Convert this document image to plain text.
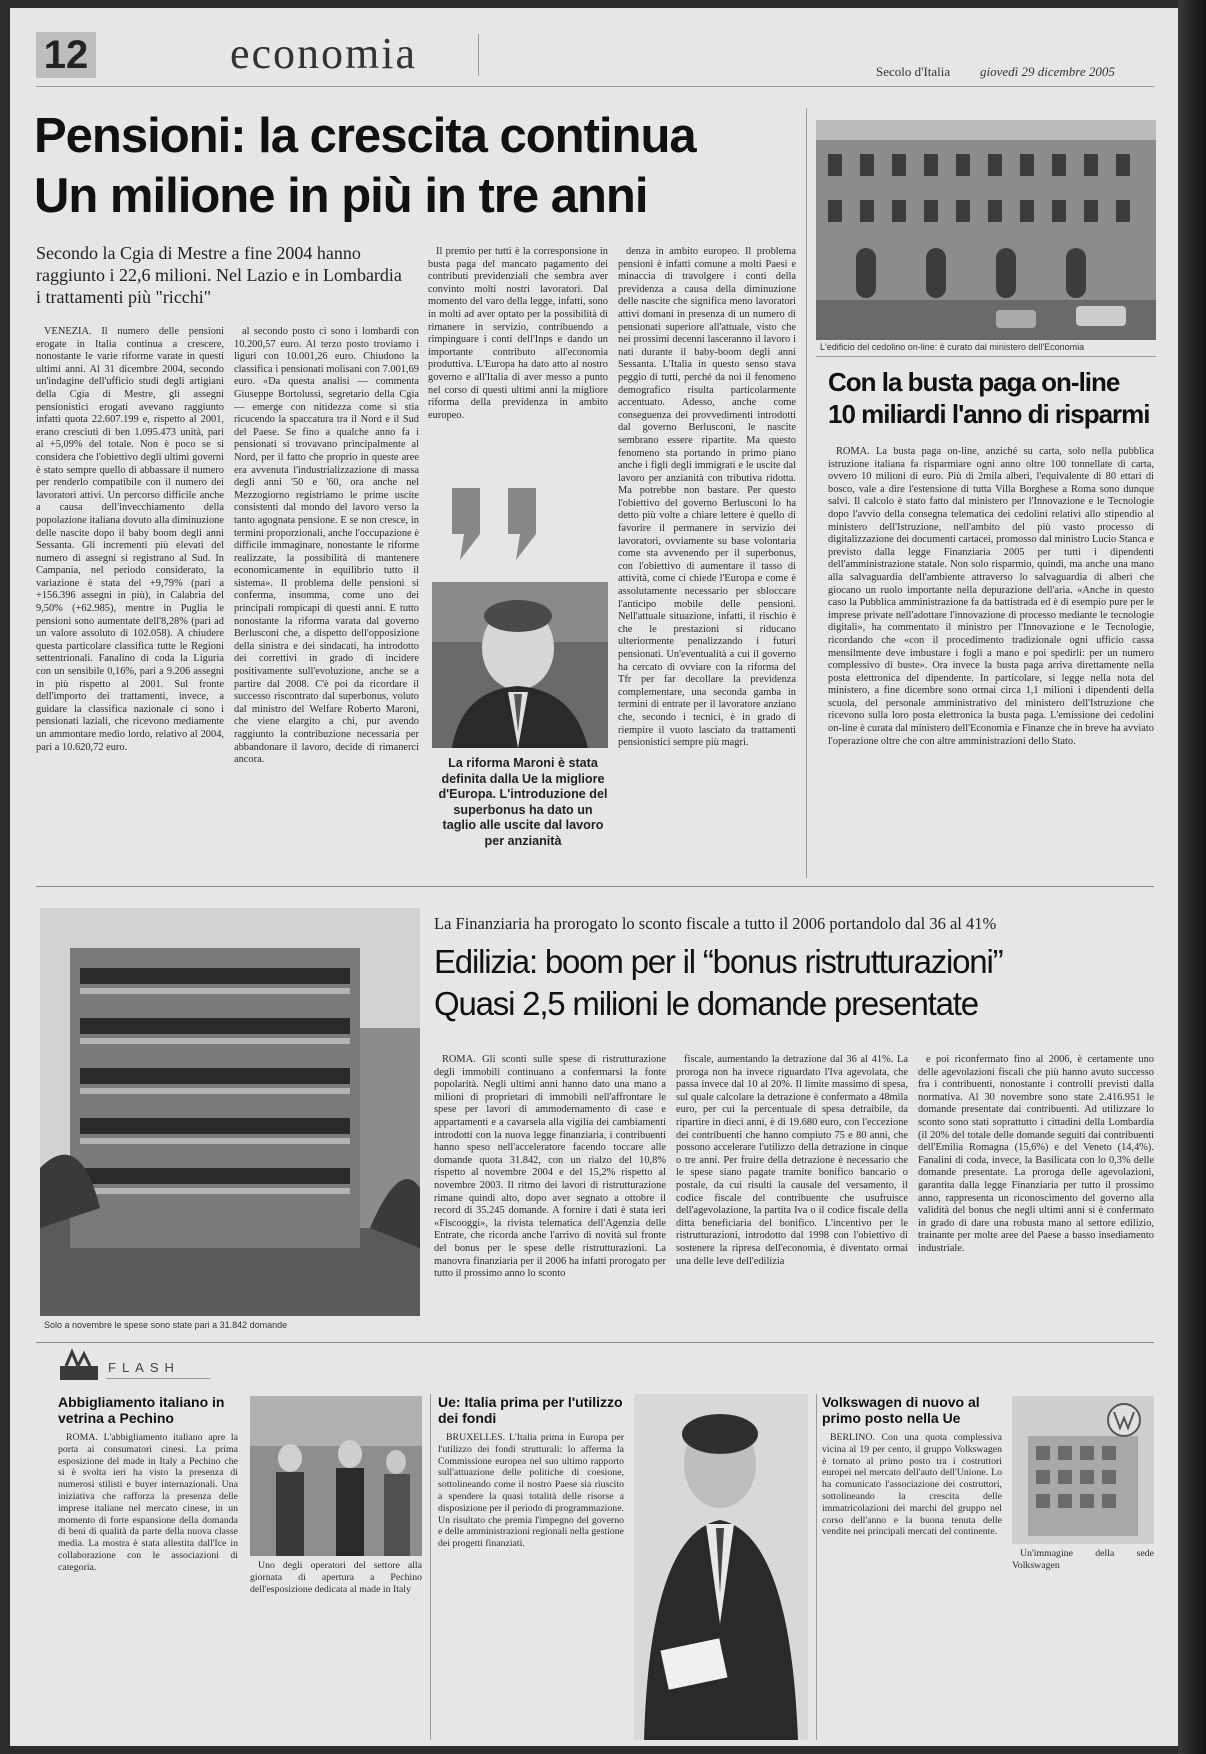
12	economia	Secolo d'Italia giovedì 29 dicembre 2005
Pensioni: la crescita continua
Un milione in più in tre anni
Secondo la Cgia di Mestre a fine 2004 hanno raggiunto i 22,6 milioni. Nel Lazio e in Lombardia i trattamenti più "ricchi"

VENEZIA. Il numero delle pensioni erogate in Italia continua a crescere, nonostante le varie riforme varate in questi ultimi anni. Al 31 dicembre 2004, secondo un'indagine dell'ufficio studi degli artigiani della Cgia di Mestre, gli assegni pensionistici erogati avevano raggiunto infatti quota 22.607.199 e, rispetto al 2001, erano cresciuti di ben 1.095.473 unità, pari al +5,09% del totale. Non è poco se si considera che l'obiettivo degli ultimi governi è stato sempre quello di abbassare il numero per renderlo compatibile con il numero dei lavoratori attivi. Un percorso difficile anche a causa dell'invecchiamento della popolazione italiana dovuto alla diminuzione delle nascite dopo il baby boom degli anni Sessanta. Gli incrementi più elevati del numero di assegni si registrano al Sud. In Campania, nel periodo considerato, la variazione è stata del +9,79% (pari a +156.396 assegni in più), in Calabria del 9,50% (+62.985), mentre in Puglia le pensioni sono aumentate dell'8,28% (pari ad un valore assoluto di 102.058). A chiudere questa particolare classifica tutte le Regioni settentrionali. Fanalino di coda la Liguria con un sensibile 0,16%, pari a 9.206 assegni in più rispetto al 2001. Sul fronte dell'importo dei trattamenti, invece, a guidare la classifica nazionale ci sono i pensionati laziali, che ricevono mediamente un ammontare medio lordo, relativo al 2004, pari a 10.620,72 euro.

al secondo posto ci sono i lombardi con 10.200,57 euro. Al terzo posto troviamo i liguri con 10.001,26 euro. Chiudono la classifica i pensionati molisani con 7.001,69 euro. «Da questa analisi — commenta Giuseppe Bortolussi, segretario della Cgia — emerge con nitidezza come si stia ricucendo la spaccatura tra il Nord e il Sud del Paese. Se fino a qualche anno fa i pensionati si trovavano principalmente al Nord, per il fatto che proprio in queste aree era avvenuta l'industrializzazione di massa degli anni '50 e '60, ora anche nel Mezzogiorno registriamo le prime uscite consistenti dal mondo del lavoro verso la tanto agognata pensione. E se non cresce, in termini proporzionali, anche l'occupazione è difficile immaginare, nonostante le riforme realizzate, la possibilità di mantenere economicamente in equilibrio tutto il sistema». Il problema delle pensioni si conferma, insomma, come uno dei principali rompicapi di questi anni. E tutto nonostante la riforma varata dal governo Berlusconi che, a dispetto dell'opposizione della sinistra e dei sindacati, ha introdotto dei correttivi in grado di incidere positivamente sull'evoluzione, anche se a partire dal 2008. C'è poi da ricordare il successo riscontrato dal superbonus, voluto dal ministro del Welfare Roberto Maroni, che viene elargito a chi, pur avendo raggiunto la contribuzione necessaria per abbandonare il lavoro, decide di rimanerci ancora.

Il premio per tutti è la corresponsione in busta paga del mancato pagamento dei contributi previdenziali che sembra aver convinto molti nostri lavoratori. Dal momento del varo della legge, infatti, sono in molti ad aver optato per la possibilità di rimanere in servizio, contribuendo a rimpinguare i conti dell'Inps e dando un importante contributo all'economia produttiva. L'Europa ha dato atto al nostro governo e all'Italia di aver messo a punto nel corso di questi ultimi anni la migliore riforma della previdenza in ambito europeo.

La riforma Maroni è stata definita dalla Ue la migliore d'Europa. L'introduzione del superbonus ha dato un taglio alle uscite dal lavoro per anzianità

denza in ambito europeo. Il problema pensioni è infatti comune a molti Paesi e minaccia di travolgere i conti della previdenza a causa della diminuzione delle nascite che significa meno lavoratori attivi domani in presenza di un numero di pensionati superiore all'attuale, visto che nei prossimi decenni lasceranno il lavoro i nati durante il baby-boom degli anni Sessanta. L'Italia in questo senso stava peggio di tutti, perché da noi il fenomeno demografico risulta particolarmente accentuato. Adesso, anche come conseguenza dei provvedimenti introdotti dal governo Berlusconi, le nascite sembrano essere ripartite. Ma questo fenomeno sta portando in primo piano anche i figli degli immigrati e le uscite dal lavoro per anzianità con tributiva ridotta. Ma potrebbe non bastare. Per questo l'obiettivo del governo Berlusconi lo ha detto più volte a chiare lettere è quello di favorire il permanere in servizio dei lavoratori, ovviamente su base volontaria come sta avvenendo per il superbonus, con l'obiettivo di aumentare il tasso di attività, come ci chiede l'Europa e come è assolutamente necessario per sbloccare l'anticipo mobile delle pensioni. Nell'attuale situazione, infatti, il rischio è che le prestazioni si riducano ulteriormente penalizzando i futuri pensionati. Un'eventualità a cui il governo ha cercato di ovviare con la riforma del Tfr per far decollare la previdenza complementare, una seconda gamba in termini di entrate per il lavoratore anziano che, secondo i tecnici, è in grado di riempire il vuoto lasciato da trattamenti pensionistici sempre più magri.

L'edificio del cedolino on-line: è curato dal ministero dell'Economia
Con la busta paga on-line
10 miliardi l'anno di risparmi

ROMA. La busta paga on-line, anziché su carta, solo nella pubblica istruzione italiana fa risparmiare ogni anno oltre 100 tonnellate di carta, ovvero 10 milioni di euro. Più di 2mila alberi, l'equivalente di 80 ettari di bosco, vale a dire l'estensione di tutta Villa Borghese a Roma sono dunque salvi. Il calcolo è stato fatto dal ministero per l'Innovazione e le Tecnologie dopo l'avvio della consegna telematica dei cedolini relativi allo stipendio al ministero dell'Istruzione, nell'ambito del più vasto processo di digitalizzazione dei documenti cartacei, promosso dal ministro Lucio Stanca e previsto dalla legge Finanziaria 2005 per tutti i dipendenti dell'amministrazione statale. Non solo risparmio, quindi, ma anche una mano alla salvaguardia dell'ambiente attraverso lo salvaguardia di alberi che giocano un ruolo importante nella depurazione dell'aria. «Anche in questo caso la Pubblica amministrazione fa da battistrada ed è di esempio pure per le imprese private nell'adottare l'innovazione di processo mediante le tecnologie digitali», ha commentato il ministro per l'Innovazione e le Tecnologie, ricordando che «con il procedimento tradizionale ogni ufficio cassa mensilmente deve imbustare i fogli a mano e poi spedirli: per un numero complessivo di buste». Ora invece la busta paga arriva direttamente nella posta elettronica del dipendente. In particolare, si legge nella nota del ministero, a fine dicembre sono ormai circa 1,1 milioni i dipendenti della scuola, del personale amministrativo del ministero dell'Istruzione che ricevono sulla loro posta elettronica la busta paga. L'emissione dei cedolini on-line è curata dal ministero dell'Economia e Finanze che in breve ha avviato l'operazione oltre che con altre amministrazioni dello Stato.

Solo a novembre le spese sono state pari a 31.842 domande
La Finanziaria ha prorogato lo sconto fiscale a tutto il 2006 portandolo dal 36 al 41%
Edilizia: boom per il “bonus ristrutturazioni”
Quasi 2,5 milioni le domande presentate

ROMA. Gli sconti sulle spese di ristrutturazione degli immobili continuano a confermarsi la fonte popolarità. Negli ultimi anni hanno dato una mano a milioni di proprietari di immobili nell'affrontare le spese per lavori di ammodernamento di case e appartamenti e a cavarsela alla vigilia dei cambiamenti introdotti con la nuova legge finanziaria, i contribuenti hanno speso nell'acceleratore facendo toccare alle domande quota 31.842, con un rialzo del 10,8% rispetto al novembre 2004 e del 15,2% rispetto al novembre 2003. Il ritmo dei lavori di ristrutturazione rimane quindi alto, dopo aver segnato a ottobre il record di 35.245 domande. A fornire i dati è stata ieri «Fiscooggi», la rivista telematica dell'Agenzia delle Entrate, che ricorda anche l'arrivo di novità sul fronte del bonus per le spese delle ristrutturazioni. La manovra finanziaria per il 2006 ha infatti prorogato per tutto il prossimo anno lo sconto

fiscale, aumentando la detrazione dal 36 al 41%. La proroga non ha invece riguardato l'Iva agevolata, che passa invece dal 10 al 20%. Il limite massimo di spesa, sul quale calcolare la detrazione è confermato a 48mila euro, per cui la percentuale di spesa detraibile, da ripartire in dieci anni, è di 19.680 euro, con l'eccezione dei contribuenti che hanno compiuto 75 e 80 anni, che possono accelerare l'utilizzo della detrazione in cinque o tre anni. Per fruire della detrazione è necessario che le spese siano pagate tramite bonifico bancario o postale, da cui risulti la causale del versamento, il codice fiscale del contribuente che usufruisce dell'agevolazione, la partita Iva o il codice fiscale della ditta beneficiaria del bonifico. L'incentivo per le ristrutturazioni, introdotto dal 1998 con l'obiettivo di sostenere la ripresa dell'economia, è diventato ormai una delle leve dell'edilizia

e poi riconfermato fino al 2006, è certamente uno delle agevolazioni fiscali che più hanno avuto successo fra i contribuenti, nonostante i controlli previsti dalla normativa. Al 30 novembre sono state 2.416.951 le domande presentate dai contribuenti. Ad utilizzare lo sconto sono stati soprattutto i cittadini della Lombardia (il 20% del totale delle domande seguiti dai contribuenti dell'Emilia Romagna (15,6%) e del Veneto (14,4%). Fanalini di coda, invece, la Basilicata con lo 0,3% delle domande presentate. La proroga delle agevolazioni, garantita dalla legge Finanziaria per tutto il prossimo anno, rappresenta un riconoscimento del governo alla validità del bonus che negli ultimi anni si è confermato in grado di dare una robusta mano al settore edilizio, trainante per molte aree del Paese a basso insediamento industriale.

FLASH
Abbigliamento italiano in vetrina a Pechino

ROMA. L'abbigliamento italiano apre la porta ai consumatori cinesi. La prima esposizione del made in Italy a Pechino che si è svolta ieri ha visto la presenza di numerosi stilisti e buyer internazionali. Una iniziativa che rafforza la presenza delle imprese italiane nel mercato cinese, in un momento di forte espansione della domanda di beni di qualità da parte della nuova classe media. La mostra è stata allestita dall'Ice in collaborazione con le associazioni di categoria.	Uno degli operatori del settore alla giornata di apertura a Pechino dell'esposizione dedicata al made in Italy

Ue: Italia prima per l'utilizzo dei fondi

BRUXELLES. L'Italia prima in Europa per l'utilizzo dei fondi strutturali: lo afferma la Commissione europea nel suo ultimo rapporto sull'attuazione delle politiche di coesione, sottolineando come il nostro Paese sia riuscito a spendere la quasi totalità delle risorse a disposizione per il periodo di programmazione. Un risultato che premia l'impegno del governo e delle amministrazioni regionali nella gestione dei progetti finanziati.

Volkswagen di nuovo al primo posto nella Ue

BERLINO. Con una quota complessiva vicina al 19 per cento, il gruppo Volkswagen è tornato al primo posto tra i costruttori europei nel mercato dell'auto dell'Unione. Lo ha comunicato l'associazione dei costruttori, sottolineando la crescita delle immatricolazioni dei marchi del gruppo nel corso dell'anno e la buona tenuta delle vendite nei principali mercati del continente.

Un'immagine della sede Volkswagen
